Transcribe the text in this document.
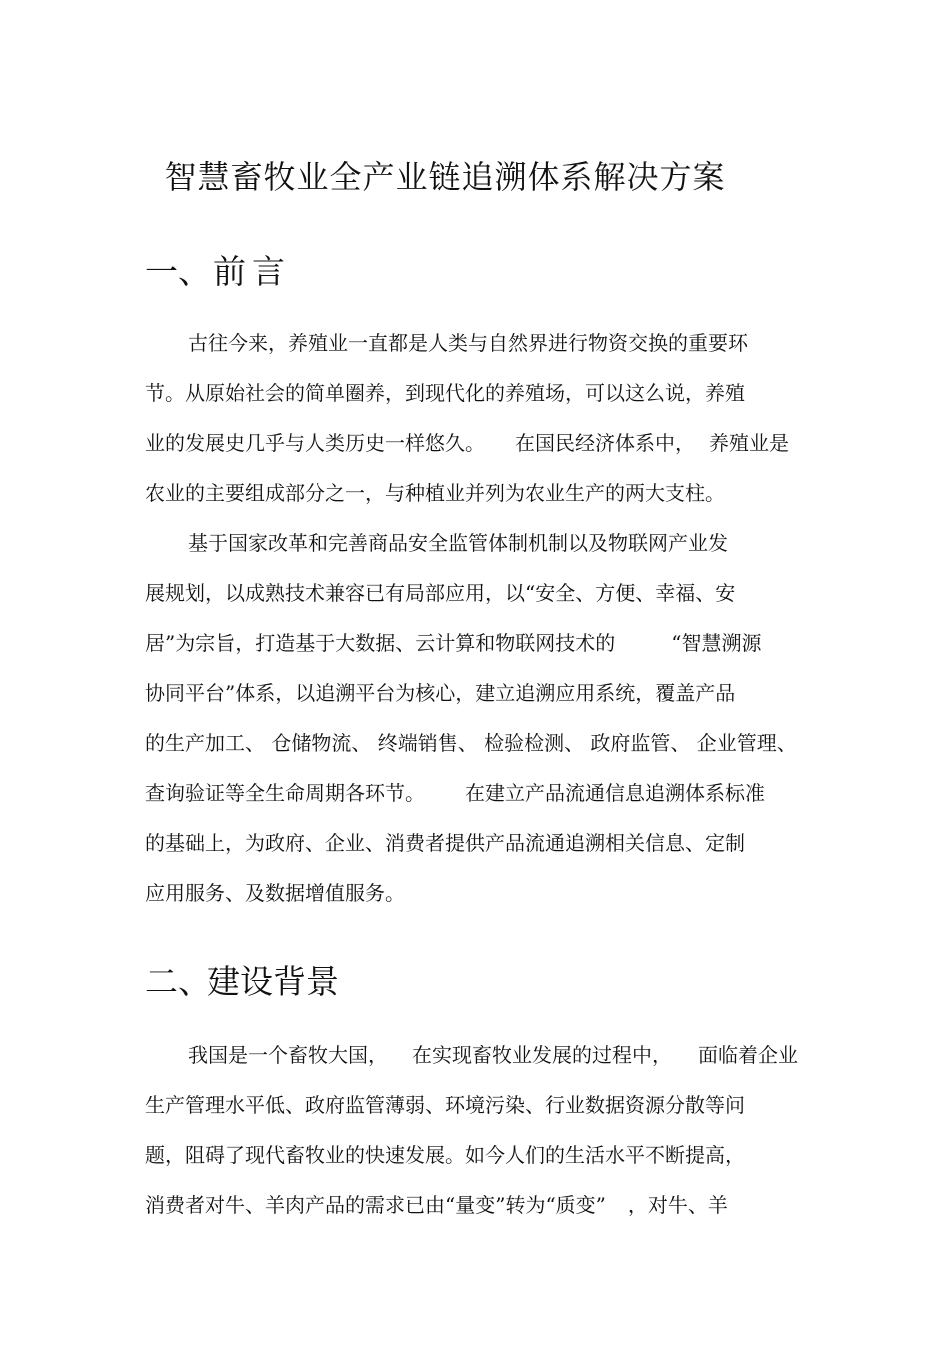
智慧畜牧业全产业链追溯体系解决方案
一、前言
古往今来，养殖业一直都是人类与自然界进行物资交换的重要环
节。从原始社会的简单圈养，到现代化的养殖场，可以这么说，养殖
业的发展史几乎与人类历史一样悠久。 在国民经济体系中， 养殖业是
农业的主要组成部分之一，与种植业并列为农业生产的两大支柱。
基于国家改革和完善商品安全监管体制机制以及物联网产业发
展规划，以成熟技术兼容已有局部应用，以“安全、方便、幸福、安
居”为宗旨，打造基于大数据、云计算和物联网技术的	“智慧溯源
协同平台”体系，以追溯平台为核心，建立追溯应用系统，覆盖产品
的生产加工、 仓储物流、 终端销售、 检验检测、 政府监管、 企业管理、
查询验证等全生命周期各环节。 在建立产品流通信息追溯体系标准
的基础上，为政府、企业、消费者提供产品流通追溯相关信息、定制
应用服务、及数据增值服务。
二、建设背景
我国是一个畜牧大国， 在实现畜牧业发展的过程中， 面临着企业
生产管理水平低、政府监管薄弱、环境污染、行业数据资源分散等问
题，阻碍了现代畜牧业的快速发展。如今人们的生活水平不断提高，
消费者对牛、羊肉产品的需求已由“量变”转为“质变” ，对牛、羊
